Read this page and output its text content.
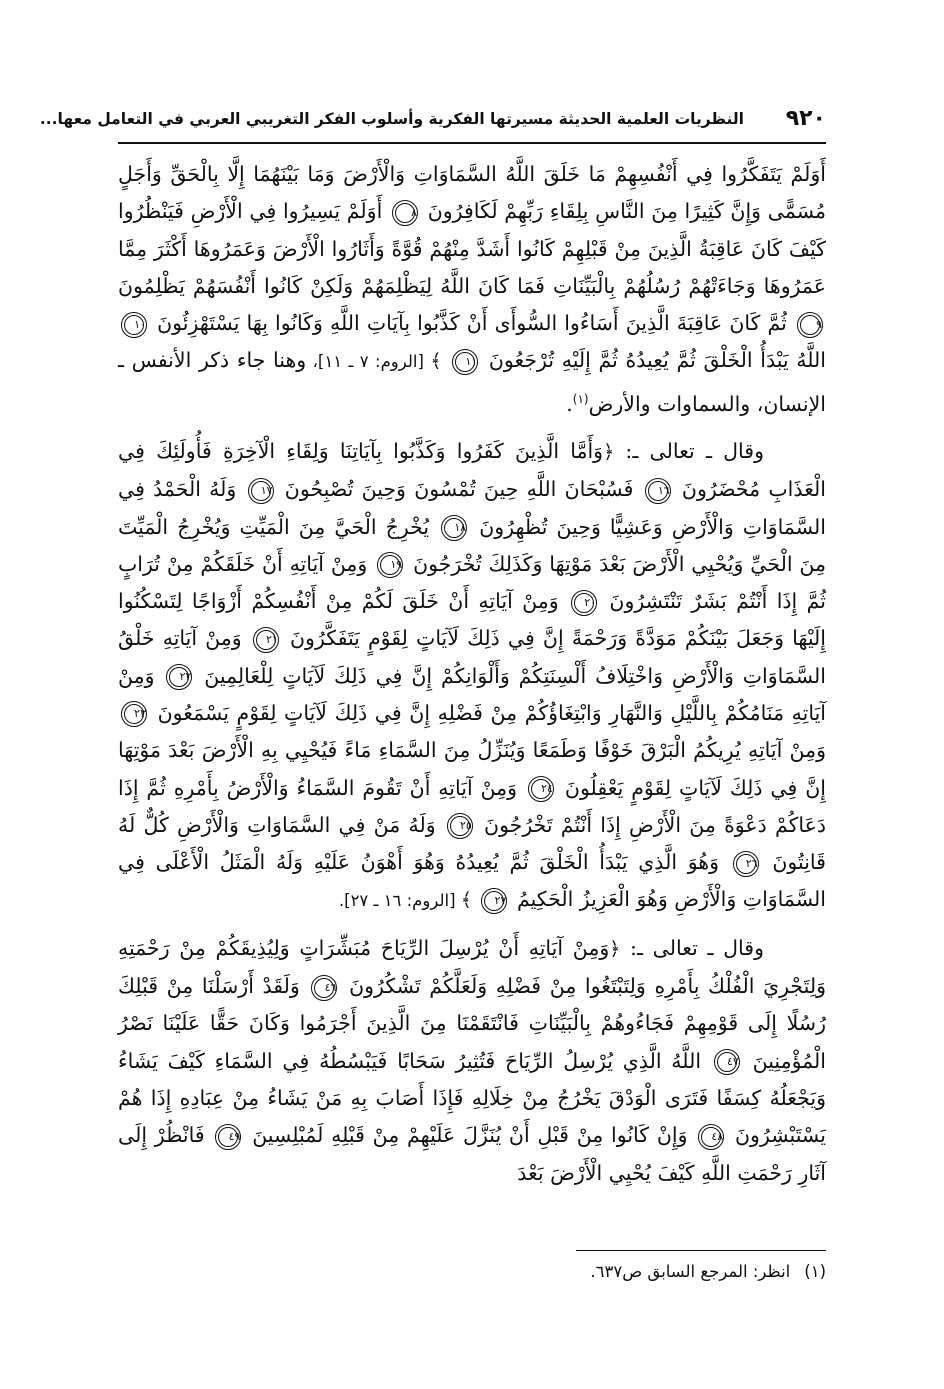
٩٢٠
النظريات العلمية الحديثة مسيرتها الفكرية وأسلوب الفكر التغريبي العربي في التعامل معها...

أَوَلَمْ يَتَفَكَّرُوا فِي أَنْفُسِهِمْ مَا خَلَقَ اللَّهُ السَّمَاوَاتِ وَالْأَرْضَ وَمَا بَيْنَهُمَا إِلَّا بِالْحَقِّ وَأَجَلٍ مُسَمًّى وَإِنَّ كَثِيرًا مِنَ النَّاسِ بِلِقَاءِ رَبِّهِمْ لَكَافِرُونَ ٨ أَوَلَمْ يَسِيرُوا فِي الْأَرْضِ فَيَنْظُرُوا كَيْفَ كَانَ عَاقِبَةُ الَّذِينَ مِنْ قَبْلِهِمْ كَانُوا أَشَدَّ مِنْهُمْ قُوَّةً وَأَثَارُوا الْأَرْضَ وَعَمَرُوهَا أَكْثَرَ مِمَّا عَمَرُوهَا وَجَاءَتْهُمْ رُسُلُهُمْ بِالْبَيِّنَاتِ فَمَا كَانَ اللَّهُ لِيَظْلِمَهُمْ وَلَكِنْ كَانُوا أَنْفُسَهُمْ يَظْلِمُونَ ٩ ثُمَّ كَانَ عَاقِبَةَ الَّذِينَ أَسَاءُوا السُّوأَى أَنْ كَذَّبُوا بِآيَاتِ اللَّهِ وَكَانُوا بِهَا يَسْتَهْزِئُونَ ١٠ اللَّهُ يَبْدَأُ الْخَلْقَ ثُمَّ يُعِيدُهُ ثُمَّ إِلَيْهِ تُرْجَعُونَ ١١ ﴾ [الروم: ٧ ـ ١١]، وهنا جاء ذكر الأنفس ـ الإنسان، والسماوات والأرض$^{(١)}$.

وقال ـ تعالى ـ: ﴿وَأَمَّا الَّذِينَ كَفَرُوا وَكَذَّبُوا بِآيَاتِنَا وَلِقَاءِ الْآخِرَةِ فَأُولَئِكَ فِي الْعَذَابِ مُحْضَرُونَ ١٦ فَسُبْحَانَ اللَّهِ حِينَ تُمْسُونَ وَحِينَ تُصْبِحُونَ ١٧ وَلَهُ الْحَمْدُ فِي السَّمَاوَاتِ وَالْأَرْضِ وَعَشِيًّا وَحِينَ تُظْهِرُونَ ١٨ يُخْرِجُ الْحَيَّ مِنَ الْمَيِّتِ وَيُخْرِجُ الْمَيِّتَ مِنَ الْحَيِّ وَيُحْيِي الْأَرْضَ بَعْدَ مَوْتِهَا وَكَذَلِكَ تُخْرَجُونَ ١٩ وَمِنْ آيَاتِهِ أَنْ خَلَقَكُمْ مِنْ تُرَابٍ ثُمَّ إِذَا أَنْتُمْ بَشَرٌ تَنْتَشِرُونَ ٢٠ وَمِنْ آيَاتِهِ أَنْ خَلَقَ لَكُمْ مِنْ أَنْفُسِكُمْ أَزْوَاجًا لِتَسْكُنُوا إِلَيْهَا وَجَعَلَ بَيْنَكُمْ مَوَدَّةً وَرَحْمَةً إِنَّ فِي ذَلِكَ لَآيَاتٍ لِقَوْمٍ يَتَفَكَّرُونَ ٢١ وَمِنْ آيَاتِهِ خَلْقُ السَّمَاوَاتِ وَالْأَرْضِ وَاخْتِلَافُ أَلْسِنَتِكُمْ وَأَلْوَانِكُمْ إِنَّ فِي ذَلِكَ لَآيَاتٍ لِلْعَالِمِينَ ٢٢ وَمِنْ آيَاتِهِ مَنَامُكُمْ بِاللَّيْلِ وَالنَّهَارِ وَابْتِغَاؤُكُمْ مِنْ فَضْلِهِ إِنَّ فِي ذَلِكَ لَآيَاتٍ لِقَوْمٍ يَسْمَعُونَ ٢٣ وَمِنْ آيَاتِهِ يُرِيكُمُ الْبَرْقَ خَوْفًا وَطَمَعًا وَيُنَزِّلُ مِنَ السَّمَاءِ مَاءً فَيُحْيِي بِهِ الْأَرْضَ بَعْدَ مَوْتِهَا إِنَّ فِي ذَلِكَ لَآيَاتٍ لِقَوْمٍ يَعْقِلُونَ ٢٤ وَمِنْ آيَاتِهِ أَنْ تَقُومَ السَّمَاءُ وَالْأَرْضُ بِأَمْرِهِ ثُمَّ إِذَا دَعَاكُمْ دَعْوَةً مِنَ الْأَرْضِ إِذَا أَنْتُمْ تَخْرُجُونَ ٢٥ وَلَهُ مَنْ فِي السَّمَاوَاتِ وَالْأَرْضِ كُلٌّ لَهُ قَانِتُونَ ٢٦ وَهُوَ الَّذِي يَبْدَأُ الْخَلْقَ ثُمَّ يُعِيدُهُ وَهُوَ أَهْوَنُ عَلَيْهِ وَلَهُ الْمَثَلُ الْأَعْلَى فِي السَّمَاوَاتِ وَالْأَرْضِ وَهُوَ الْعَزِيزُ الْحَكِيمُ ٢٧ ﴾ [الروم: ١٦ ـ ٢٧].

وقال ـ تعالى ـ: ﴿وَمِنْ آيَاتِهِ أَنْ يُرْسِلَ الرِّيَاحَ مُبَشِّرَاتٍ وَلِيُذِيقَكُمْ مِنْ رَحْمَتِهِ وَلِتَجْرِيَ الْفُلْكُ بِأَمْرِهِ وَلِتَبْتَغُوا مِنْ فَضْلِهِ وَلَعَلَّكُمْ تَشْكُرُونَ ٤٦ وَلَقَدْ أَرْسَلْنَا مِنْ قَبْلِكَ رُسُلًا إِلَى قَوْمِهِمْ فَجَاءُوهُمْ بِالْبَيِّنَاتِ فَانْتَقَمْنَا مِنَ الَّذِينَ أَجْرَمُوا وَكَانَ حَقًّا عَلَيْنَا نَصْرُ الْمُؤْمِنِينَ ٤٧ اللَّهُ الَّذِي يُرْسِلُ الرِّيَاحَ فَتُثِيرُ سَحَابًا فَيَبْسُطُهُ فِي السَّمَاءِ كَيْفَ يَشَاءُ وَيَجْعَلُهُ كِسَفًا فَتَرَى الْوَدْقَ يَخْرُجُ مِنْ خِلَالِهِ فَإِذَا أَصَابَ بِهِ مَنْ يَشَاءُ مِنْ عِبَادِهِ إِذَا هُمْ يَسْتَبْشِرُونَ ٤٨ وَإِنْ كَانُوا مِنْ قَبْلِ أَنْ يُنَزَّلَ عَلَيْهِمْ مِنْ قَبْلِهِ لَمُبْلِسِينَ ٤٩ فَانْظُرْ إِلَى آثَارِ رَحْمَتِ اللَّهِ كَيْفَ يُحْيِي الْأَرْضَ بَعْدَ

(١)انظر: المرجع السابق ص٦٣٧.
